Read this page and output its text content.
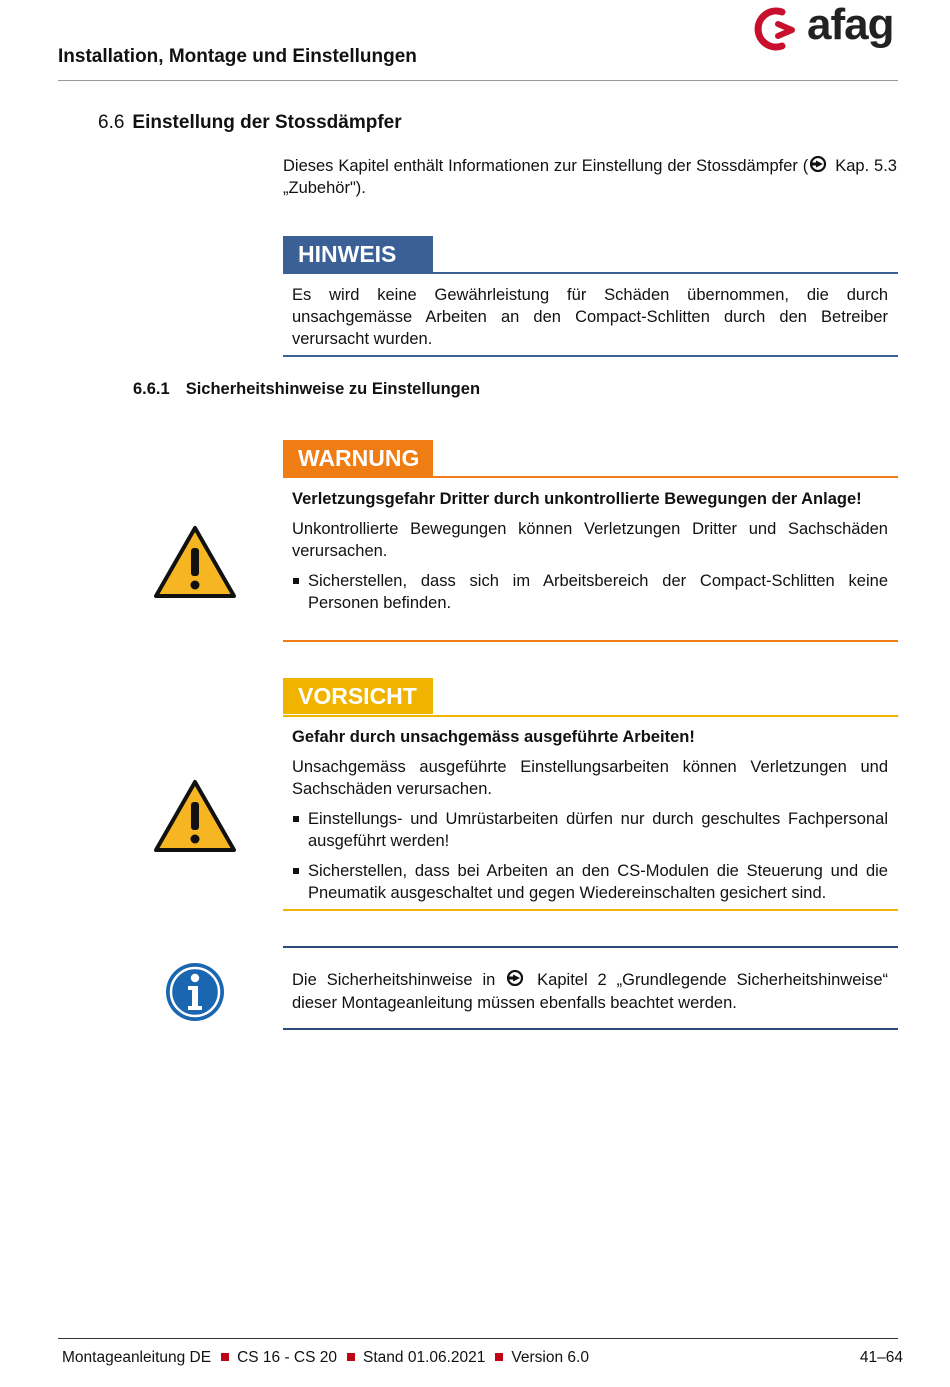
Installation, Montage und Einstellungen
afag
6.6 Einstellung der Stossdämpfer
Dieses Kapitel enthält Informationen zur Einstellung der Stossdämpfer ( Kap. 5.3 „Zubehör").
HINWEIS
Es wird keine Gewährleistung für Schäden übernommen, die durch unsachgemässe Arbeiten an den Compact-Schlitten durch den Betreiber verursacht wurden.
6.6.1 Sicherheitshinweise zu Einstellungen
WARNUNG
Verletzungsgefahr Dritter durch unkontrollierte Bewegungen der Anlage!
Unkontrollierte Bewegungen können Verletzungen Dritter und Sachschäden verursachen.
Sicherstellen, dass sich im Arbeitsbereich der Compact-Schlitten keine Personen befinden.
VORSICHT
Gefahr durch unsachgemäss ausgeführte Arbeiten!
Unsachgemäss ausgeführte Einstellungsarbeiten können Verletzungen und Sachschäden verursachen.
Einstellungs- und Umrüstarbeiten dürfen nur durch geschultes Fachpersonal ausgeführt werden!
Sicherstellen, dass bei Arbeiten an den CS-Modulen die Steuerung und die Pneumatik ausgeschaltet und gegen Wiedereinschalten gesichert sind.
Die Sicherheitshinweise in  Kapitel 2 „Grundlegende Sicherheitshinweise“ dieser Montageanleitung müssen ebenfalls beachtet werden.
Montageanleitung DE CS 16 - CS 20 Stand 01.06.2021 Version 6.0	41–64
